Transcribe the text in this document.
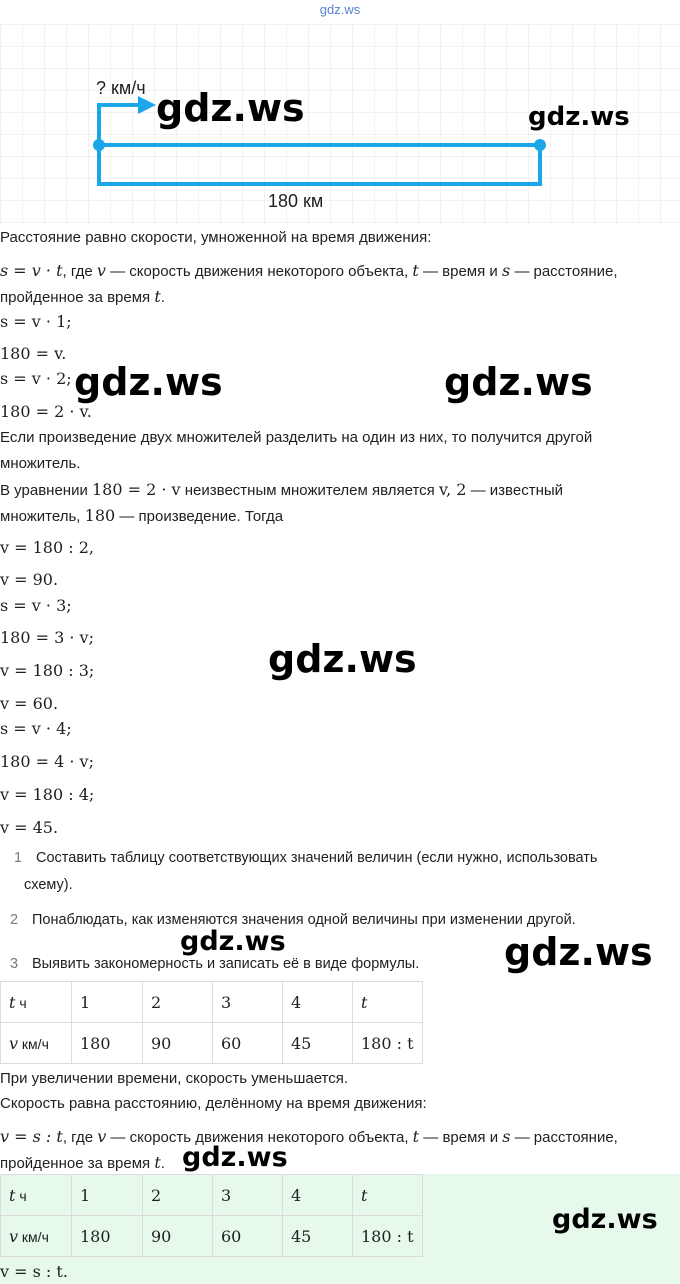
gdz.ws
? км/ч
180 км
gdz.ws	gdz.ws
Расстояние равно скорости, умноженной на время движения:
s = v · t, где v — скорость движения некоторого объекта, t — время и s — расстояние,
пройденное за время t.
s = v · 1;
180 = v.
s = v · 2;
180 = 2 · v.
Если произведение двух множителей разделить на один из них, то получится другой
множитель.
В уравнении 180 = 2 · v неизвестным множителем является v, 2 — известный
множитель, 180 — произведение. Тогда
v = 180 : 2,
v = 90.
s = v · 3;
180 = 3 · v;
v = 180 : 3;
v = 60.
s = v · 4;
180 = 4 · v;
v = 180 : 4;
v = 45.
1 Составить таблицу соответствующих значений величин (если нужно, использовать
схему).
2 Понаблюдать, как изменяются значения одной величины при изменении другой.
3 Выявить закономерность и записать её в виде формулы.
t ч	1	2	3	4	t
v км/ч	180	90	60	45	180 : t
При увеличении времени, скорость уменьшается.
Скорость равна расстоянию, делённому на время движения:
v = s : t, где v — скорость движения некоторого объекта, t — время и s — расстояние,
пройденное за время t.
t ч	1	2	3	4	t
v км/ч	180	90	60	45	180 : t
v = s : t.
gdz.ws	gdz.ws
gdz.ws
gdz.ws	gdz.ws
gdz.ws
gdz.ws
